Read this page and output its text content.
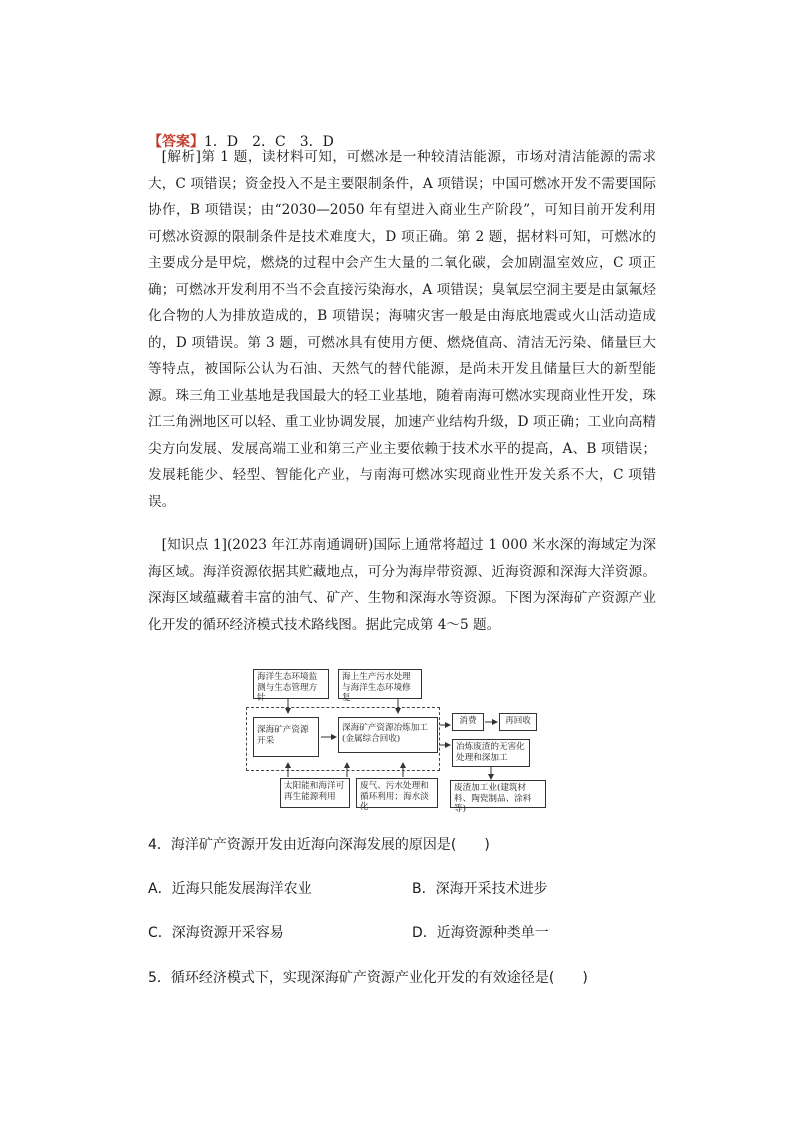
【答案】1．D　2．C　3．D
[解析]第 1 题，读材料可知，可燃冰是一种较清洁能源，市场对清洁能源的需求大，C 项错误；资金投入不是主要限制条件，A 项错误；中国可燃冰开发不需要国际协作，B 项错误；由“2030—2050 年有望进入商业生产阶段”，可知目前开发利用可燃冰资源的限制条件是技术难度大，D 项正确。第 2 题，据材料可知，可燃冰的主要成分是甲烷，燃烧的过程中会产生大量的二氧化碳，会加剧温室效应，C 项正确；可燃冰开发利用不当不会直接污染海水，A 项错误；臭氧层空洞主要是由氯氟烃化合物的人为排放造成的，B 项错误；海啸灾害一般是由海底地震或火山活动造成的，D 项错误。第 3 题，可燃冰具有使用方便、燃烧值高、清洁无污染、储量巨大等特点，被国际公认为石油、天然气的替代能源，是尚未开发且储量巨大的新型能源。珠三角工业基地是我国最大的轻工业基地，随着南海可燃冰实现商业性开发，珠江三角洲地区可以轻、重工业协调发展，加速产业结构升级，D 项正确；工业向高精尖方向发展、发展高端工业和第三产业主要依赖于技术水平的提高，A、B 项错误；发展耗能少、轻型、智能化产业，与南海可燃冰实现商业性开发关系不大，C 项错误。
[知识点 1](2023 年江苏南通调研)国际上通常将超过 1 000 米水深的海域定为深海区域。海洋资源依据其贮藏地点，可分为海岸带资源、近海资源和深海大洋资源。深海区域蕴藏着丰富的油气、矿产、生物和深海水等资源。下图为深海矿产资源产业化开发的循环经济模式技术路线图。据此完成第 4～5 题。
海洋生态环境监测与生态管理方针
海上生产污水处理与海洋生态环境修复
深海矿产资源开采
深海矿产资源冶炼加工(金属综合回收)
消费	再回收
冶炼废渣的无害化处理和深加工
太阳能和海洋可再生能源利用
废气、污水处理和循环利用；海水淡化
废渣加工业(建筑材料、陶瓷制品、涂料等)
4．海洋矿产资源开发由近海向深海发展的原因是(　　)
A．近海只能发展海洋农业	B．深海开采技术进步
C．深海资源开采容易	D．近海资源种类单一
5．循环经济模式下，实现深海矿产资源产业化开发的有效途径是(　　)
